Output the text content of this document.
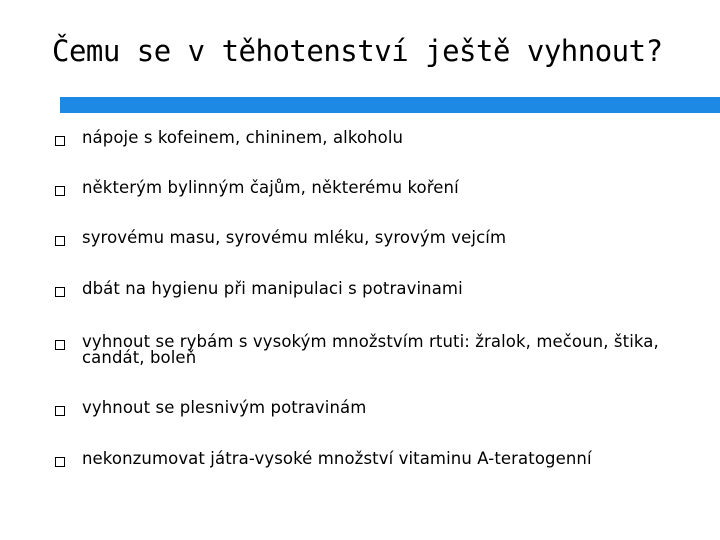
Čemu se v těhotenství ještě vyhnout?
nápoje s kofeinem, chininem, alkoholu
některým bylinným čajům, některému koření
syrovému masu, syrovému mléku, syrovým vejcím
dbát na hygienu při manipulaci s potravinami
vyhnout se rybám s vysokým množstvím rtuti: žralok, mečoun, štika, candát, boleň
vyhnout se plesnivým potravinám
nekonzumovat játra-vysoké množství vitaminu A-teratogenní
